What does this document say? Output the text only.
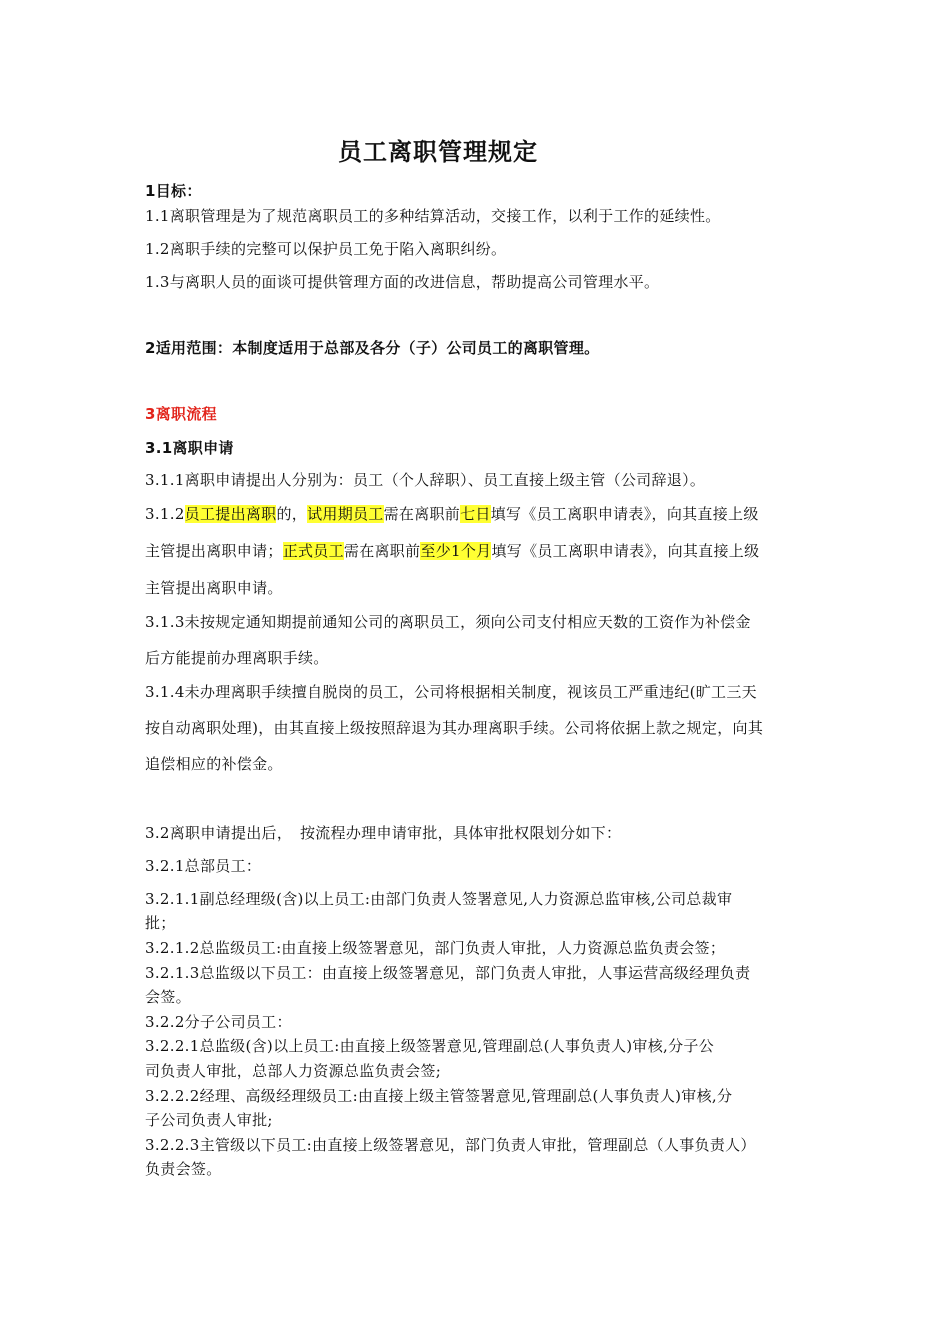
员工离职管理规定
1目标：
1.1离职管理是为了规范离职员工的多种结算活动，交接工作，以利于工作的延续性。
1.2离职手续的完整可以保护员工免于陷入离职纠纷。
1.3与离职人员的面谈可提供管理方面的改进信息，帮助提高公司管理水平。
2适用范围：本制度适用于总部及各分（子）公司员工的离职管理。
3离职流程
3.1离职申请
3.1.1离职申请提出人分别为：员工（个人辞职）、员工直接上级主管（公司辞退）。
3.1.2员工提出离职的，试用期员工需在离职前七日填写《员工离职申请表》，向其直接上级
主管提出离职申请；正式员工需在离职前至少1个月填写《员工离职申请表》，向其直接上级
主管提出离职申请。
3.1.3未按规定通知期提前通知公司的离职员工，须向公司支付相应天数的工资作为补偿金
后方能提前办理离职手续。
3.1.4未办理离职手续擅自脱岗的员工，公司将根据相关制度，视该员工严重违纪(旷工三天
按自动离职处理)，由其直接上级按照辞退为其办理离职手续。公司将依据上款之规定，向其
追偿相应的补偿金。
3.2离职申请提出后，　按流程办理申请审批，具体审批权限划分如下：
3.2.1总部员工：
3.2.1.1副总经理级(含)以上员工:由部门负责人签署意见,人力资源总监审核,公司总裁审
批；
3.2.1.2总监级员工:由直接上级签署意见，部门负责人审批，人力资源总监负责会签；
3.2.1.3总监级以下员工：由直接上级签署意见，部门负责人审批，人事运营高级经理负责
会签。
3.2.2分子公司员工：
3.2.2.1总监级(含)以上员工:由直接上级签署意见,管理副总(人事负责人)审核,分子公
司负责人审批，总部人力资源总监负责会签;
3.2.2.2经理、高级经理级员工:由直接上级主管签署意见,管理副总(人事负责人)审核,分
子公司负责人审批;
3.2.2.3主管级以下员工:由直接上级签署意见，部门负责人审批，管理副总（人事负责人）
负责会签。
